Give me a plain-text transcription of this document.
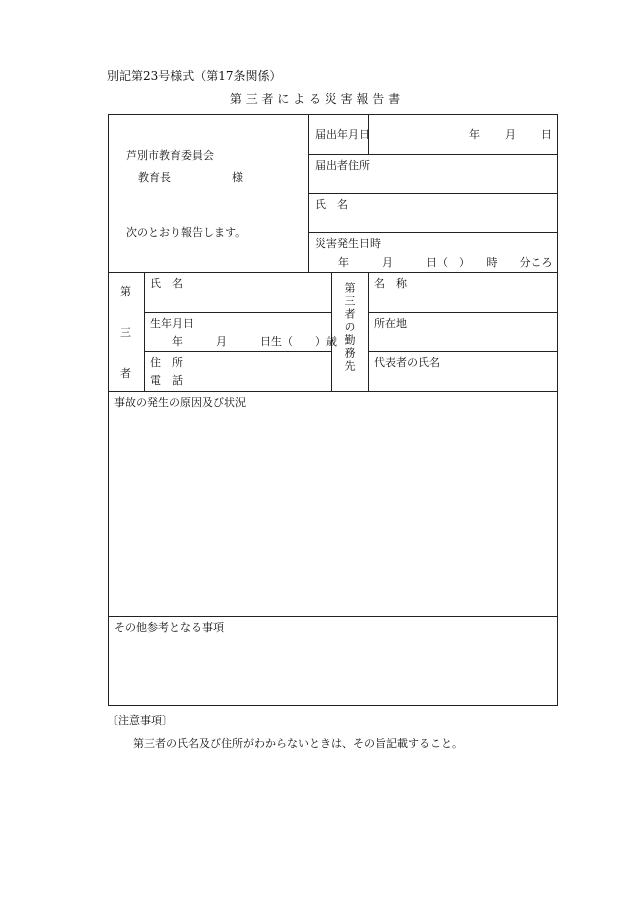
別記第23号様式（第17条関係）
第 三 者 に よ る 災 害 報 告 書
芦別市教育委員会
教育長	様
次のとおり報告します。
届出年月日	年 月 日
届出者住所
氏　名
災害発生日時
年　　　月　　　日（　）　　時　　分ころ
第
三
者
氏　名
生年月日
年　　　月　　　日生（　　）歳
住　所
電　話
第三者の勤務先 名　称
所在地
代表者の氏名
事故の発生の原因及び状況
その他参考となる事項
〔注意事項〕
第三者の氏名及び住所がわからないときは、その旨記載すること。
